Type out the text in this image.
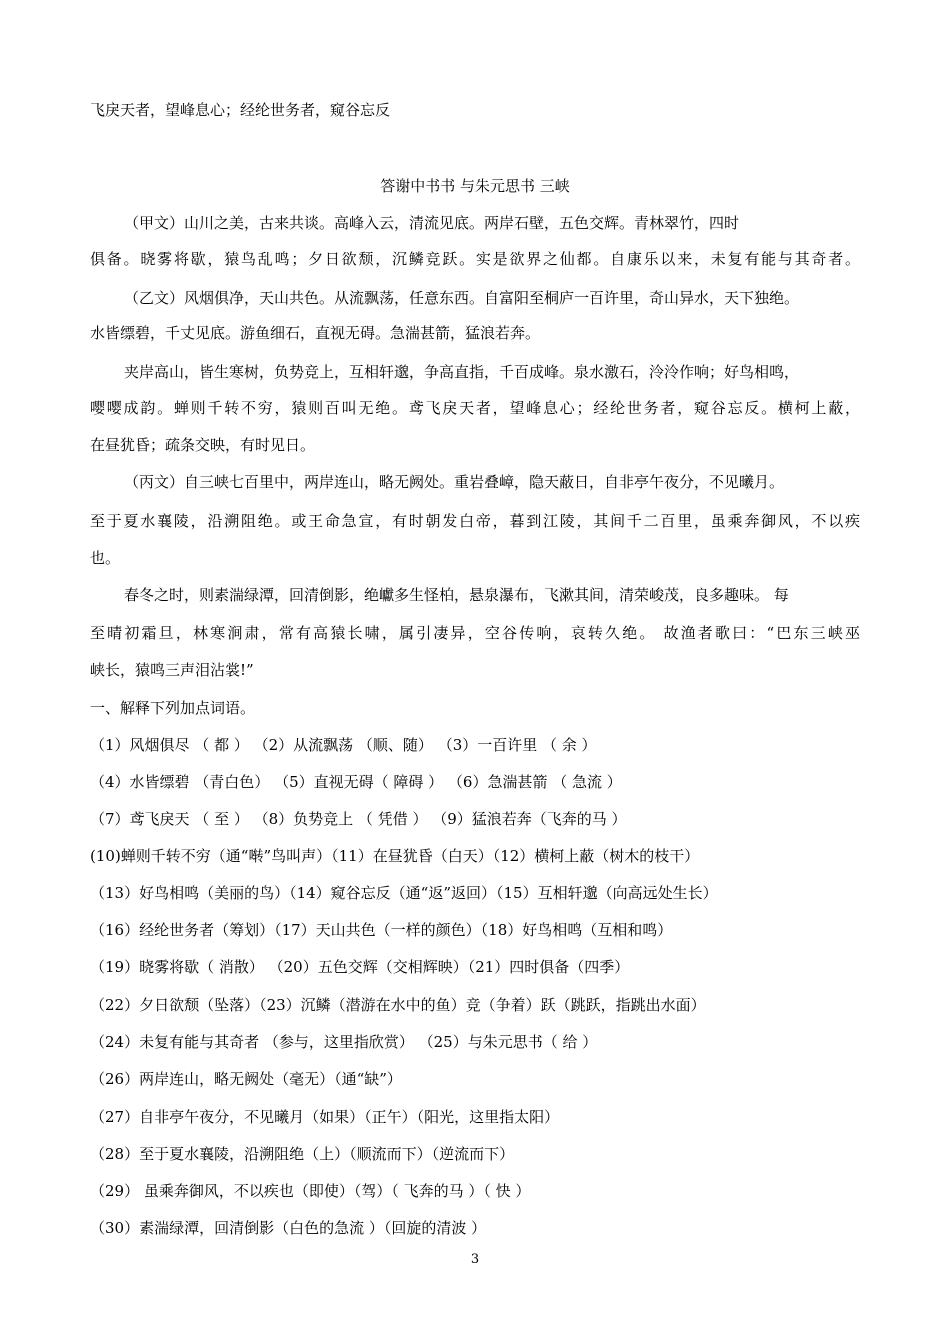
飞戾天者，望峰息心；经纶世务者，窥谷忘反
答谢中书书 与朱元思书 三峡
（甲文）山川之美，古来共谈。高峰入云，清流见底。两岸石壁，五色交辉。青林翠竹，四时
俱备。晓雾将歇，猿鸟乱鸣；夕日欲颓，沉鳞竞跃。实是欲界之仙都。自康乐以来，未复有能与其奇者。
（乙文）风烟俱净，天山共色。从流飘荡，任意东西。自富阳至桐庐一百许里，奇山异水，天下独绝。
水皆缥碧，千丈见底。游鱼细石，直视无碍。急湍甚箭，猛浪若奔。
夹岸高山，皆生寒树，负势竞上，互相轩邈，争高直指，千百成峰。泉水激石，泠泠作响；好鸟相鸣，
嘤嘤成韵。蝉则千转不穷，猿则百叫无绝。鸢飞戾天者，望峰息心；经纶世务者，窥谷忘反。横柯上蔽，
在昼犹昏；疏条交映，有时见日。
（丙文）自三峡七百里中，两岸连山，略无阙处。重岩叠嶂，隐天蔽日，自非亭午夜分，不见曦月。
至于夏水襄陵，沿溯阻绝。或王命急宣，有时朝发白帝，暮到江陵，其间千二百里，虽乘奔御风，不以疾
也。
春冬之时，则素湍绿潭，回清倒影，绝巘多生怪柏，悬泉瀑布，飞漱其间，清荣峻茂，良多趣味。 每
至晴初霜旦，林寒涧肃，常有高猿长啸，属引凄异，空谷传响，哀转久绝。 故渔者歌曰：“巴东三峡巫
峡长，猿鸣三声泪沾裳!”
一、解释下列加点词语。
（1）风烟俱尽 （ 都 ） （2）从流飘荡 （顺、随） （3）一百许里 （ 余 ）
（4）水皆缥碧 （青白色） （5）直视无碍（ 障碍 ） （6）急湍甚箭 （ 急流 ）
（7）鸢飞戾天 （ 至 ） （8）负势竞上 （ 凭借 ） （9）猛浪若奔（飞奔的马 ）
(10)蝉则千转不穷（通“啭”鸟叫声）（11）在昼犹昏（白天）（12）横柯上蔽（树木的枝干）
（13）好鸟相鸣（美丽的鸟）（14）窥谷忘反（通“返”返回）（15）互相轩邈（向高远处生长）
（16）经纶世务者（筹划）（17）天山共色（一样的颜色）（18）好鸟相鸣（互相和鸣）
（19）晓雾将歇（ 消散） （20）五色交辉（交相辉映）（21）四时俱备（四季）
（22）夕日欲颓（坠落）（23）沉鳞（潜游在水中的鱼）竞（争着）跃（跳跃，指跳出水面）
（24）未复有能与其奇者 （参与，这里指欣赏） （25）与朱元思书（ 给 ）
（26）两岸连山，略无阙处（毫无）（通“缺”）
（27）自非亭午夜分，不见曦月（如果）（正午）（阳光，这里指太阳）
（28）至于夏水襄陵，沿溯阻绝（上）（顺流而下）（逆流而下）
（29） 虽乘奔御风，不以疾也（即使）（驾）（ 飞奔的马 ）（ 快 ）
（30）素湍绿潭，回清倒影（白色的急流 ）（回旋的清波 ）
3
